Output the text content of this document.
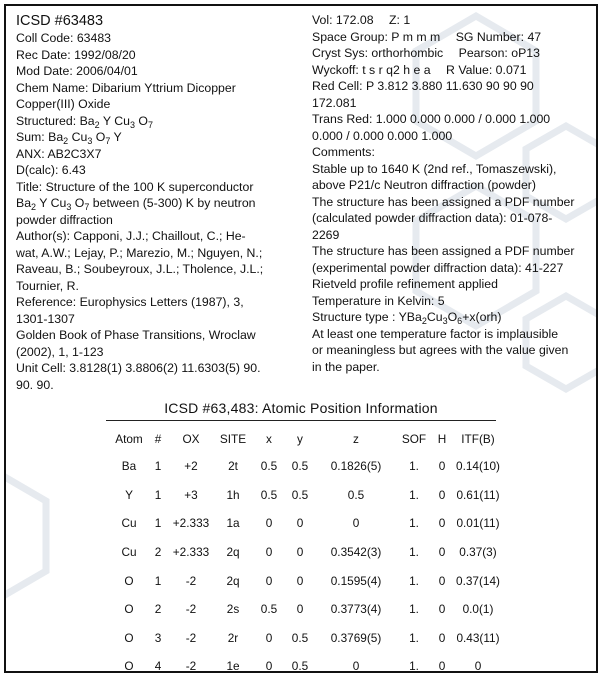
ICSD #63483
Coll Code: 63483
Rec Date: 1992/08/20
Mod Date: 2006/04/01
Chem Name: Dibarium Yttrium Dicopper
Copper(III) Oxide
Structured: $Ba_2$ Y $Cu_3$ $O_7$
Sum: $Ba_2$ $Cu_3$ $O_7$ Y
ANX: AB2C3X7
D(calc): 6.43
Title: Structure of the 100 K superconductor
$Ba_2$ Y $Cu_3$ $O_7$ between (5-300) K by neutron
powder diffraction
Author(s): Capponi, J.J.; Chaillout, C.; He-
wat, A.W.; Lejay, P.; Marezio, M.; Nguyen, N.;
Raveau, B.; Soubeyroux, J.L.; Tholence, J.L.;
Tournier, R.
Reference: Europhysics Letters (1987), 3,
1301-1307
Golden Book of Phase Transitions, Wroclaw
(2002), 1, 1-123
Unit Cell: 3.8128(1) 3.8806(2) 11.6303(5) 90.
90. 90.
Vol: 172.08 Z: 1
Space Group: P m m m SG Number: 47
Cryst Sys: orthorhombic Pearson: oP13
Wyckoff: t s r q2 h e a R Value: 0.071
Red Cell: P 3.812 3.880 11.630 90 90 90
172.081
Trans Red: 1.000 0.000 0.000 / 0.000 1.000
0.000 / 0.000 0.000 1.000
Comments:
Stable up to 1640 K (2nd ref., Tomaszewski),
above P21/c Neutron diffraction (powder)
The structure has been assigned a PDF number
(calculated powder diffraction data): 01-078-
2269
The structure has been assigned a PDF number
(experimental powder diffraction data): 41-227
Rietveld profile refinement applied
Temperature in Kelvin: 5
Structure type : $YBa_2Cu_3O_6+x(orh)$
At least one temperature factor is implausible
or meaningless but agrees with the value given
in the paper.
ICSD #63,483: Atomic Position Information
Atom	#	OX	SITE	x	y	z	SOF	H	ITF(B)
Ba	1	+2	2t	0.5	0.5	0.1826(5)	1.	0	0.14(10)
Y	1	+3	1h	0.5	0.5	0.5	1.	0	0.61(11)
Cu	1	+2.333	1a	0	0	0	1.	0	0.01(11)
Cu	2	+2.333	2q	0	0	0.3542(3)	1.	0	0.37(3)
O	1	-2	2q	0	0	0.1595(4)	1.	0	0.37(14)
O	2	-2	2s	0.5	0	0.3773(4)	1.	0	0.0(1)
O	3	-2	2r	0	0.5	0.3769(5)	1.	0	0.43(11)
O	4	-2	1e	0	0.5	0	1.	0	0
